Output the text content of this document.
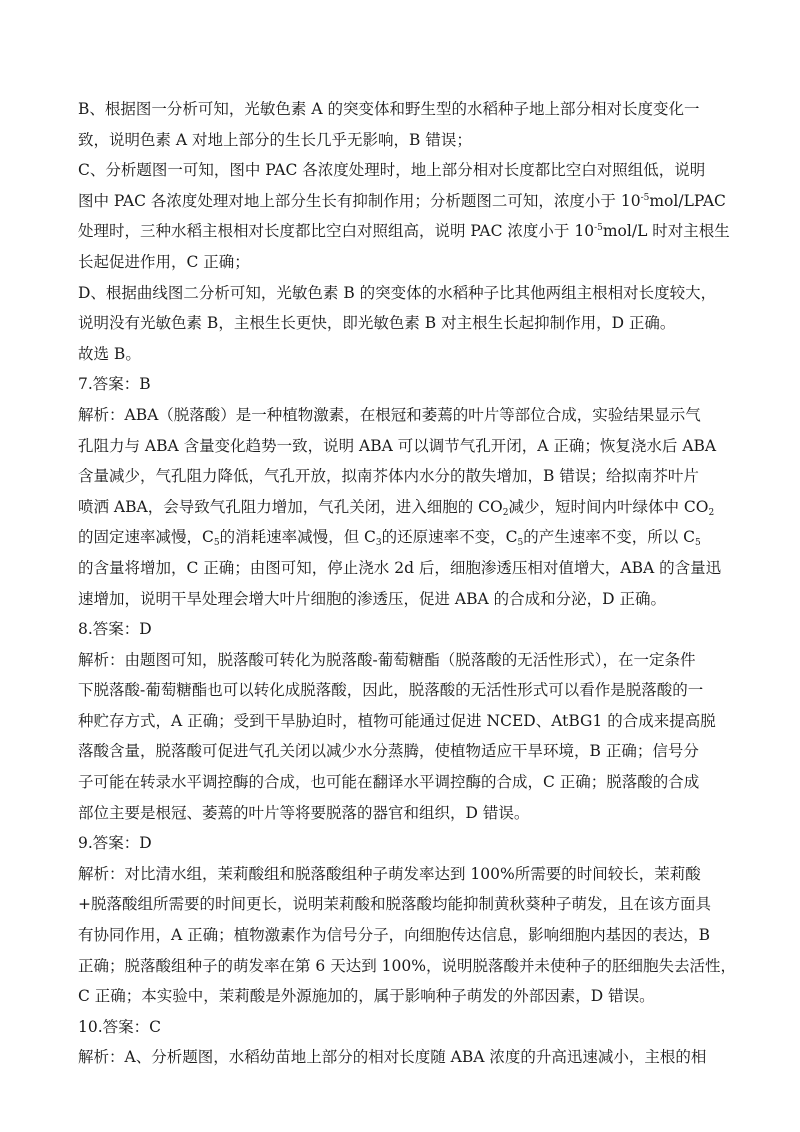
B、根据图一分析可知，光敏色素 A 的突变体和野生型的水稻种子地上部分相对长度变化一
致，说明色素 A 对地上部分的生长几乎无影响，B 错误；
C、分析题图一可知，图中 PAC 各浓度处理时，地上部分相对长度都比空白对照组低，说明
图中 PAC 各浓度处理对地上部分生长有抑制作用；分析题图二可知，浓度小于 $10^{-5}mol$/LPAC
处理时，三种水稻主根相对长度都比空白对照组高，说明 PAC 浓度小于 $10^{-5}mol/L$ 时对主根生
长起促进作用，C 正确；
D、根据曲线图二分析可知，光敏色素 B 的突变体的水稻种子比其他两组主根相对长度较大，
说明没有光敏色素 B，主根生长更快，即光敏色素 B 对主根生长起抑制作用，D 正确。
故选 B。
7.答案：B
解析：ABA（脱落酸）是一种植物激素，在根冠和萎蔫的叶片等部位合成，实验结果显示气
孔阻力与 ABA 含量变化趋势一致，说明 ABA 可以调节气孔开闭，A 正确；恢复浇水后 ABA
含量减少，气孔阻力降低，气孔开放，拟南芥体内水分的散失增加，B 错误；给拟南芥叶片
喷洒 ABA，会导致气孔阻力增加，气孔关闭，进入细胞的 $CO_2$减少，短时间内叶绿体中 $CO_2$
的固定速率减慢，$C_5$的消耗速率减慢，但 $C_3$的还原速率不变，$C_5$的产生速率不变，所以 $C_5$
的含量将增加，C 正确；由图可知，停止浇水 2d 后，细胞渗透压相对值增大，ABA 的含量迅
速增加，说明干旱处理会增大叶片细胞的渗透压，促进 ABA 的合成和分泌，D 正确。
8.答案：D
解析：由题图可知，脱落酸可转化为脱落酸-葡萄糖酯（脱落酸的无活性形式），在一定条件
下脱落酸-葡萄糖酯也可以转化成脱落酸，因此，脱落酸的无活性形式可以看作是脱落酸的一
种贮存方式，A 正确；受到干旱胁迫时，植物可能通过促进 NCED、AtBG1 的合成来提高脱
落酸含量，脱落酸可促进气孔关闭以减少水分蒸腾，使植物适应干旱环境，B 正确；信号分
子可能在转录水平调控酶的合成，也可能在翻译水平调控酶的合成，C 正确；脱落酸的合成
部位主要是根冠、萎蔫的叶片等将要脱落的器官和组织，D 错误。
9.答案：D
解析：对比清水组，茉莉酸组和脱落酸组种子萌发率达到 100%所需要的时间较长，茉莉酸
+脱落酸组所需要的时间更长，说明茉莉酸和脱落酸均能抑制黄秋葵种子萌发，且在该方面具
有协同作用，A 正确；植物激素作为信号分子，向细胞传达信息，影响细胞内基因的表达，B
正确；脱落酸组种子的萌发率在第 6 天达到 100%，说明脱落酸并未使种子的胚细胞失去活性，
C 正确；本实验中，茉莉酸是外源施加的，属于影响种子萌发的外部因素，D 错误。
10.答案：C
解析：A、分析题图，水稻幼苗地上部分的相对长度随 ABA 浓度的升高迅速减小，主根的相
